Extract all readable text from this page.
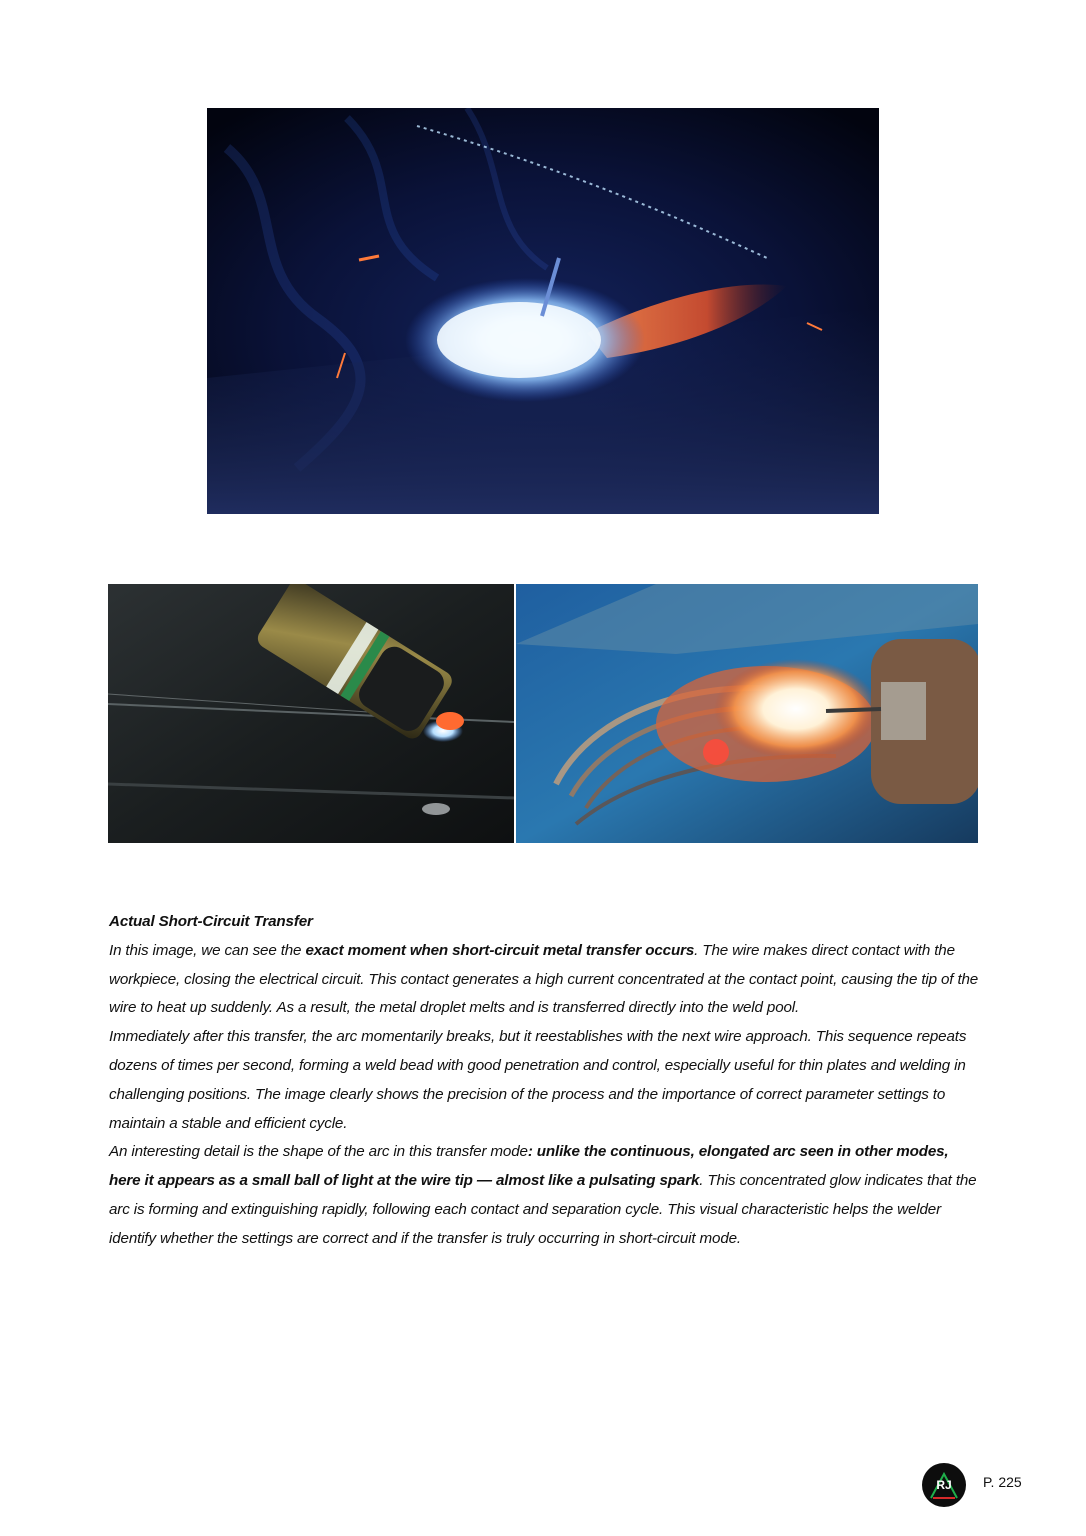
Actual Short-Circuit Transfer

In this image, we can see the exact moment when short-circuit metal transfer occurs. The wire makes direct contact with the workpiece, closing the electrical circuit. This contact generates a high current concentrated at the contact point, causing the tip of the wire to heat up suddenly. As a result, the metal droplet melts and is transferred directly into the weld pool.

Immediately after this transfer, the arc momentarily breaks, but it reestablishes with the next wire approach. This sequence repeats dozens of times per second, forming a weld bead with good penetration and control, especially useful for thin plates and welding in challenging positions. The image clearly shows the precision of the process and the importance of correct parameter settings to maintain a stable and efficient cycle.

An interesting detail is the shape of the arc in this transfer mode: unlike the continuous, elongated arc seen in other modes, here it appears as a small ball of light at the wire tip — almost like a pulsating spark. This concentrated glow indicates that the arc is forming and extinguishing rapidly, following each contact and separation cycle. This visual characteristic helps the welder identify whether the settings are correct and if the transfer is truly occurring in short-circuit mode.

RJ P. 225
